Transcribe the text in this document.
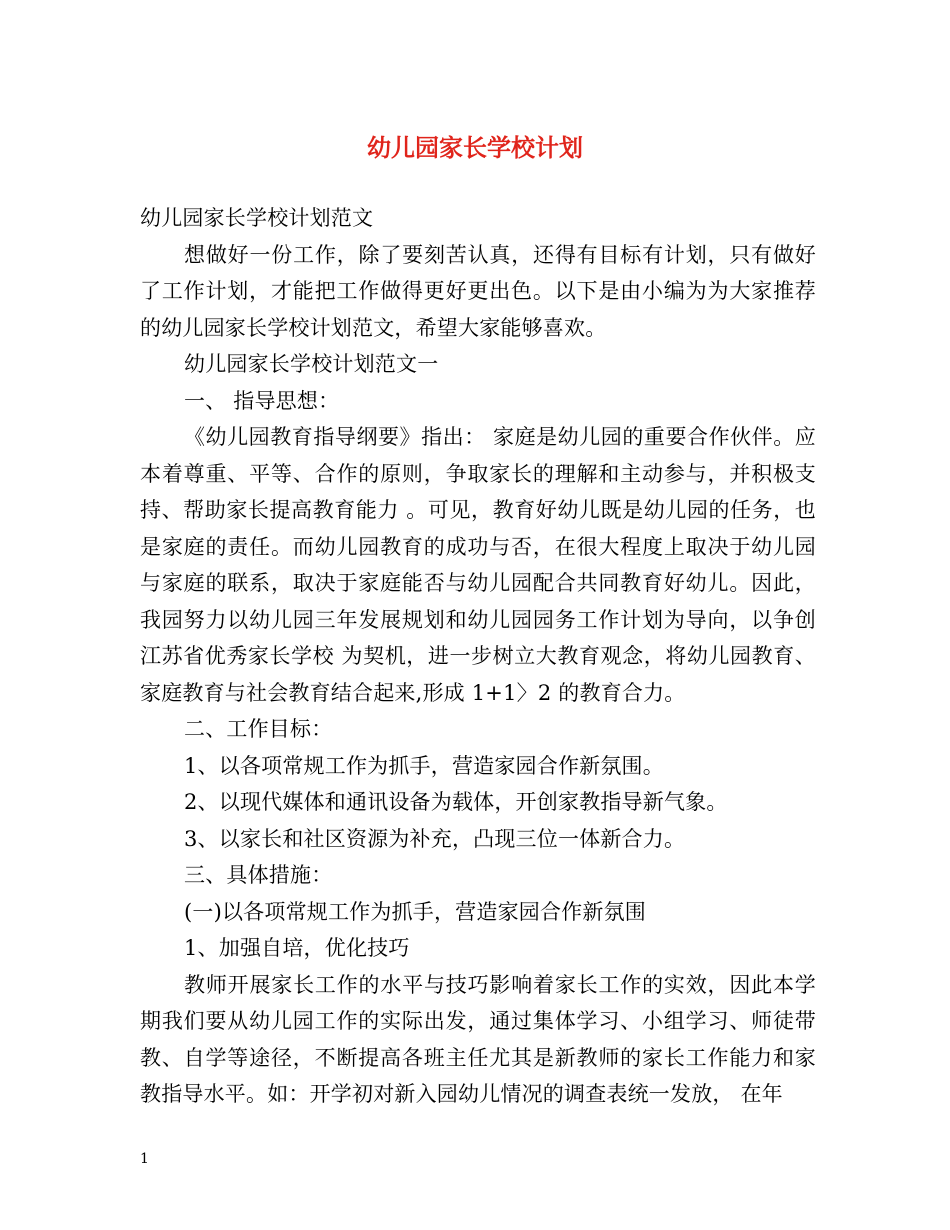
幼儿园家长学校计划

幼儿园家长学校计划范文

想做好一份工作，除了要刻苦认真，还得有目标有计划，只有做好了工作计划，才能把工作做得更好更出色。以下是由小编为为大家推荐的幼儿园家长学校计划范文，希望大家能够喜欢。

幼儿园家长学校计划范文一

一、 指导思想：

《幼儿园教育指导纲要》指出： 家庭是幼儿园的重要合作伙伴。应本着尊重、平等、合作的原则，争取家长的理解和主动参与，并积极支持、帮助家长提高教育能力 。可见，教育好幼儿既是幼儿园的任务，也是家庭的责任。而幼儿园教育的成功与否，在很大程度上取决于幼儿园与家庭的联系，取决于家庭能否与幼儿园配合共同教育好幼儿。因此，我园努力以幼儿园三年发展规划和幼儿园园务工作计划为导向，以争创江苏省优秀家长学校 为契机，进一步树立大教育观念，将幼儿园教育、家庭教育与社会教育结合起来,形成 1+1〉2 的教育合力。

二、工作目标：

1、以各项常规工作为抓手，营造家园合作新氛围。

2、以现代媒体和通讯设备为载体，开创家教指导新气象。

3、以家长和社区资源为补充，凸现三位一体新合力。

三、具体措施：

(一)以各项常规工作为抓手，营造家园合作新氛围

1、加强自培，优化技巧

教师开展家长工作的水平与技巧影响着家长工作的实效，因此本学期我们要从幼儿园工作的实际出发，通过集体学习、小组学习、师徒带教、自学等途径，不断提高各班主任尤其是新教师的家长工作能力和家教指导水平。如：开学初对新入园幼儿情况的调查表统一发放， 在年

1
